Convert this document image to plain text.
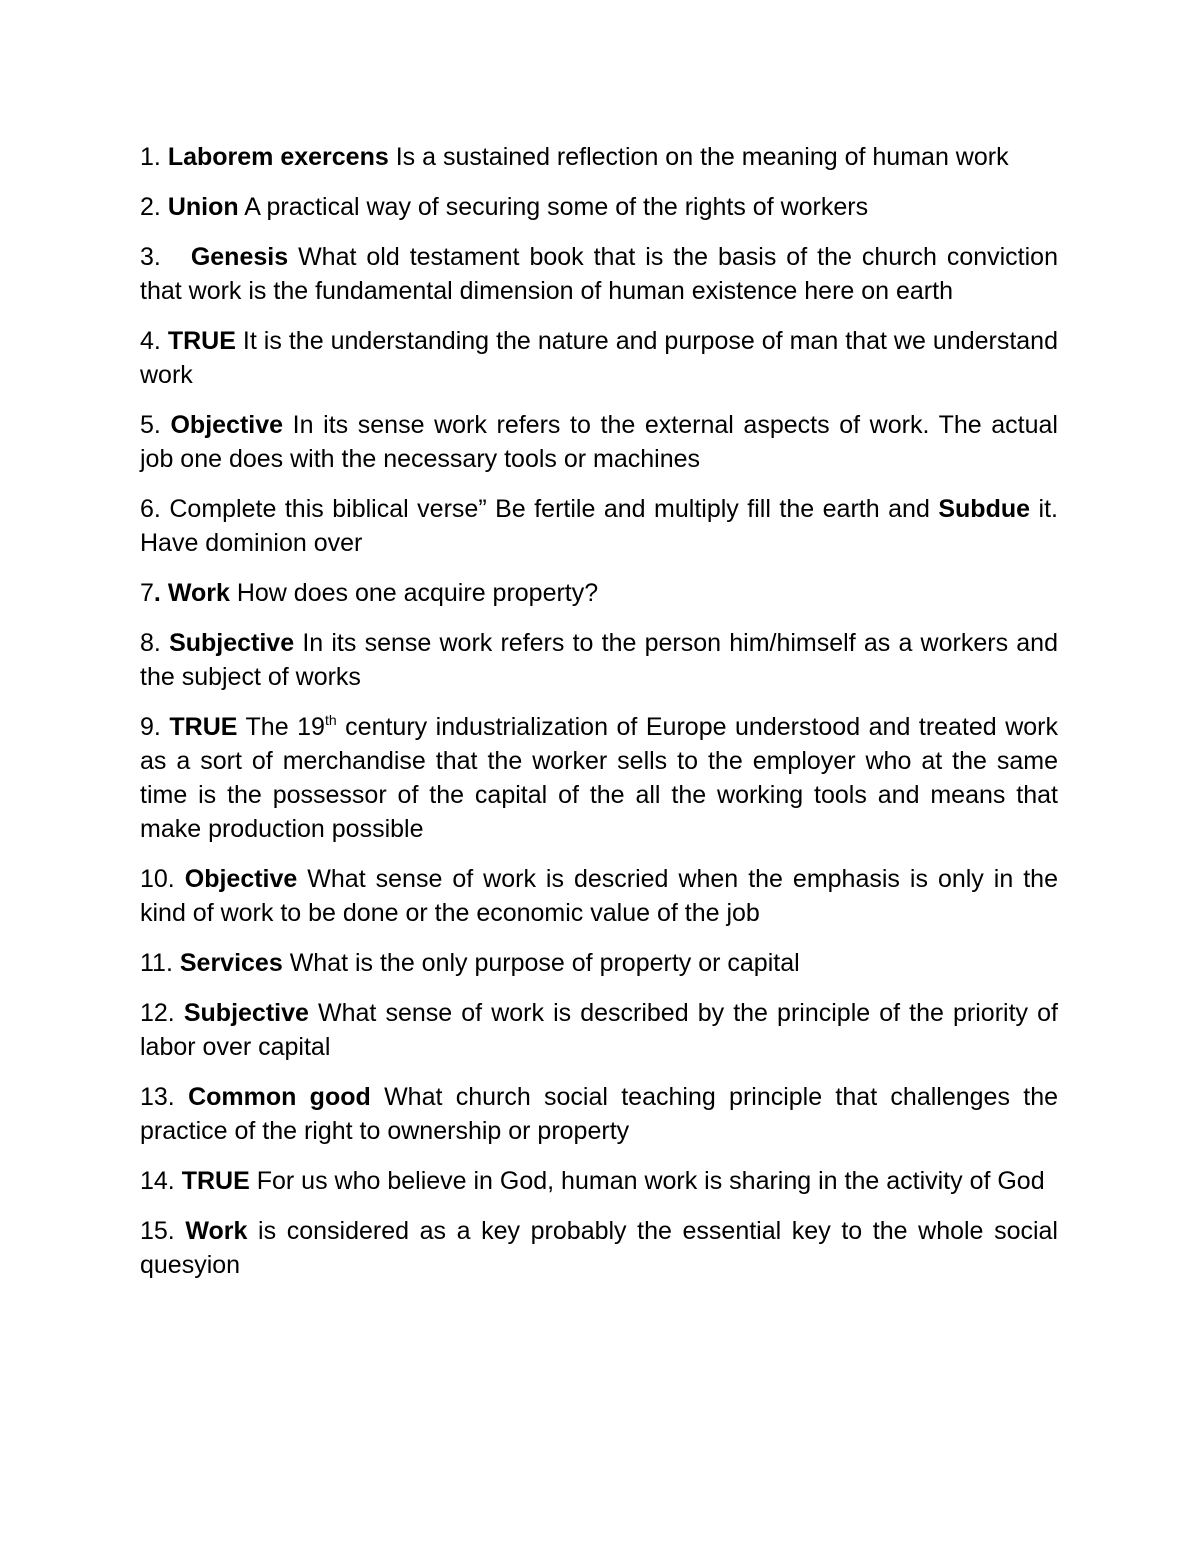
1. Laborem exercens Is a sustained reflection on the meaning of human work

2. Union A practical way of securing some of the rights of workers

3. Genesis What old testament book that is the basis of the church conviction that work is the fundamental dimension of human existence here on earth

4. TRUE It is the understanding the nature and purpose of man that we understand work

5. Objective In its sense work refers to the external aspects of work. The actual job one does with the necessary tools or machines

6. Complete this biblical verse” Be fertile and multiply fill the earth and Subdue it. Have dominion over

7. Work How does one acquire property?

8. Subjective In its sense work refers to the person him/himself as a workers and the subject of works

9. TRUE The 19th century industrialization of Europe understood and treated work as a sort of merchandise that the worker sells to the employer who at the same time is the possessor of the capital of the all the working tools and means that make production possible

10. Objective What sense of work is descried when the emphasis is only in the kind of work to be done or the economic value of the job

11. Services What is the only purpose of property or capital

12. Subjective What sense of work is described by the principle of the priority of labor over capital

13. Common good What church social teaching principle that challenges the practice of the right to ownership or property

14. TRUE For us who believe in God, human work is sharing in the activity of God

15. Work is considered as a key probably the essential key to the whole social quesyion
